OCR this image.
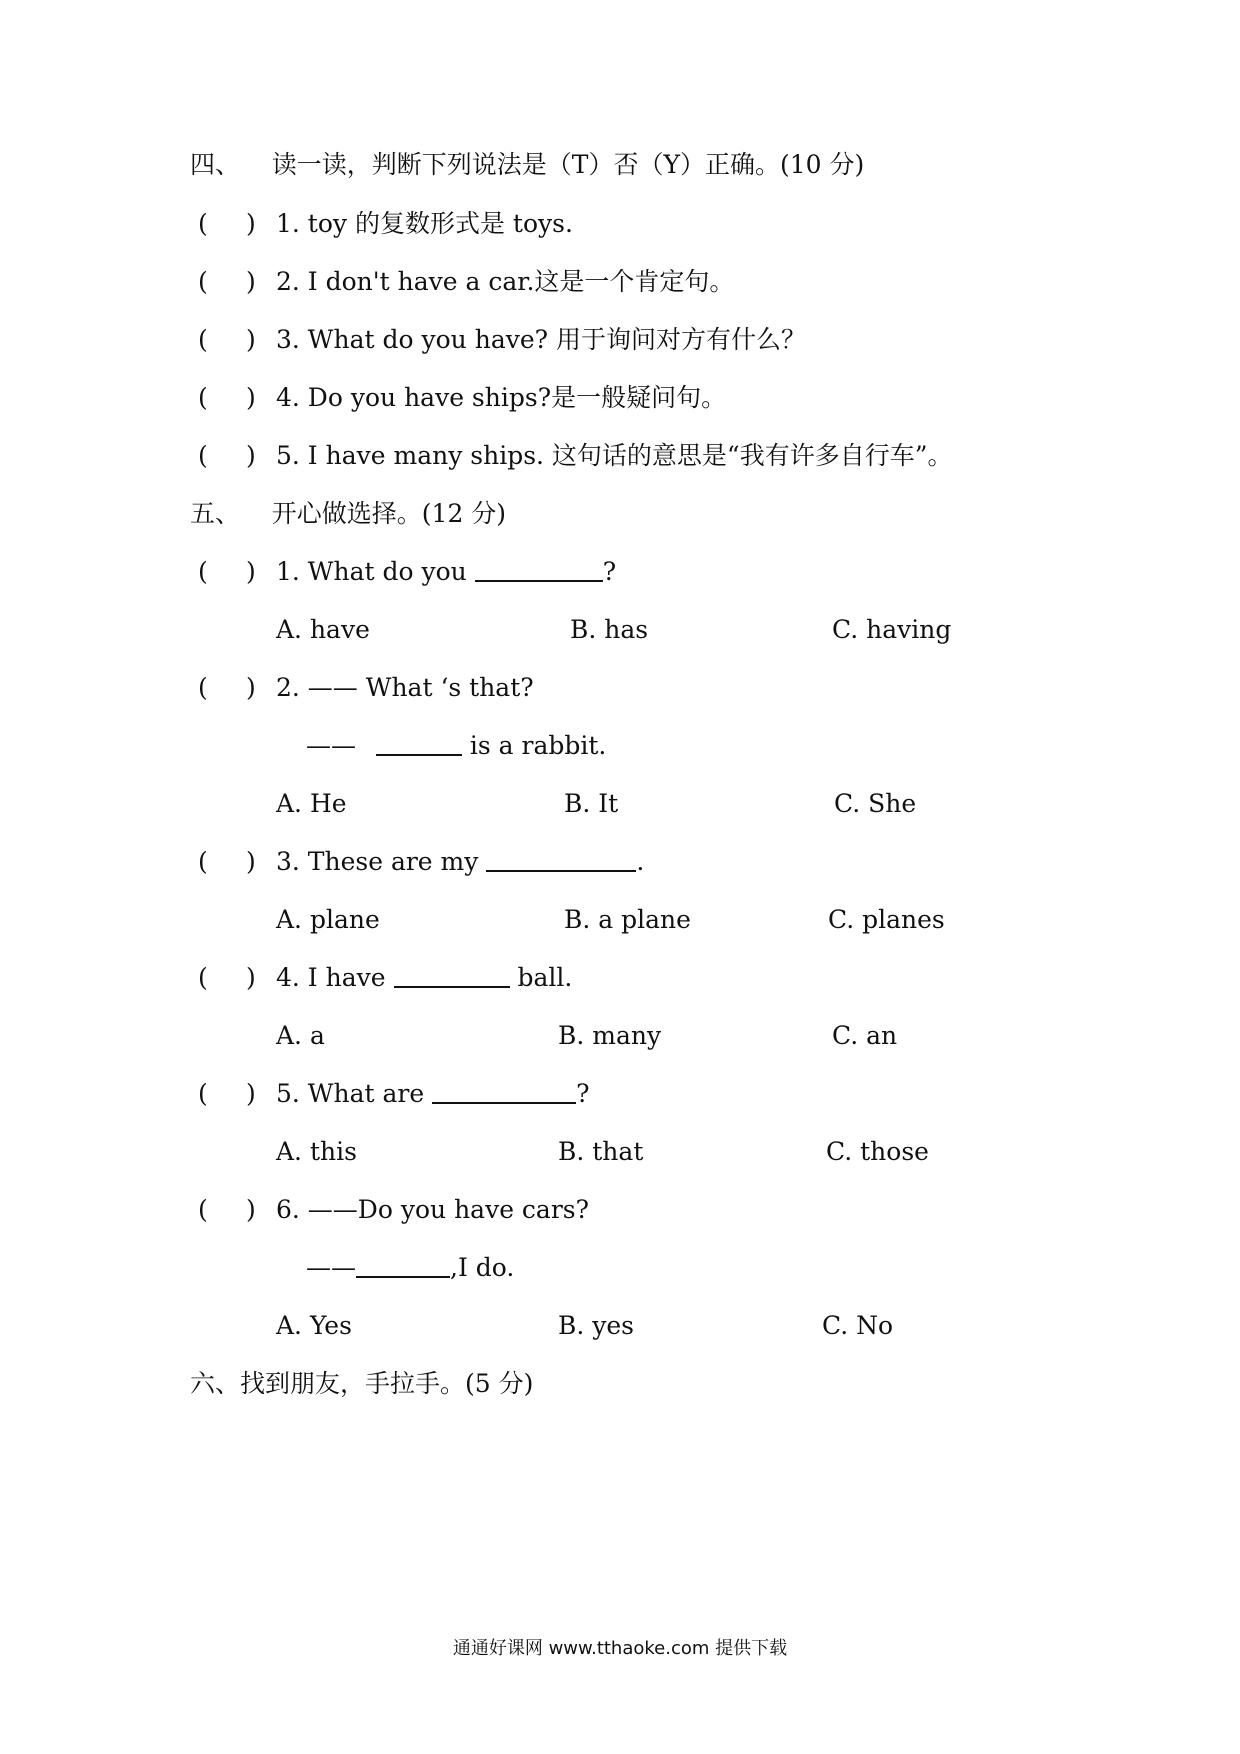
四、    读一读，判断下列说法是（T）否（Y）正确。(10 分)
( ) 1. toy 的复数形式是 toys.
( ) 2. I don't have a car.这是一个肯定句。
( ) 3. What do you have? 用于询问对方有什么？
( ) 4. Do you have ships?是一般疑问句。
( ) 5. I have many ships. 这句话的意思是“我有许多自行车”。
五、    开心做选择。(12 分)
( ) 1. What do you	?
A. have	B. has	C. having
( ) 2. —— What ‘s that?
——	is a rabbit.
A. He	B. It	C. She
( ) 3. These are my	.
A. plane	B. a plane	C. planes
( ) 4. I have	ball.
A. a	B. many	C. an
( ) 5. What are	?
A. this	B. that	C. those
( ) 6. ——Do you have cars?
——	,I do.
A. Yes	B. yes	C. No
六、找到朋友，手拉手。(5 分)
通通好课网 www.tthaoke.com 提供下载
